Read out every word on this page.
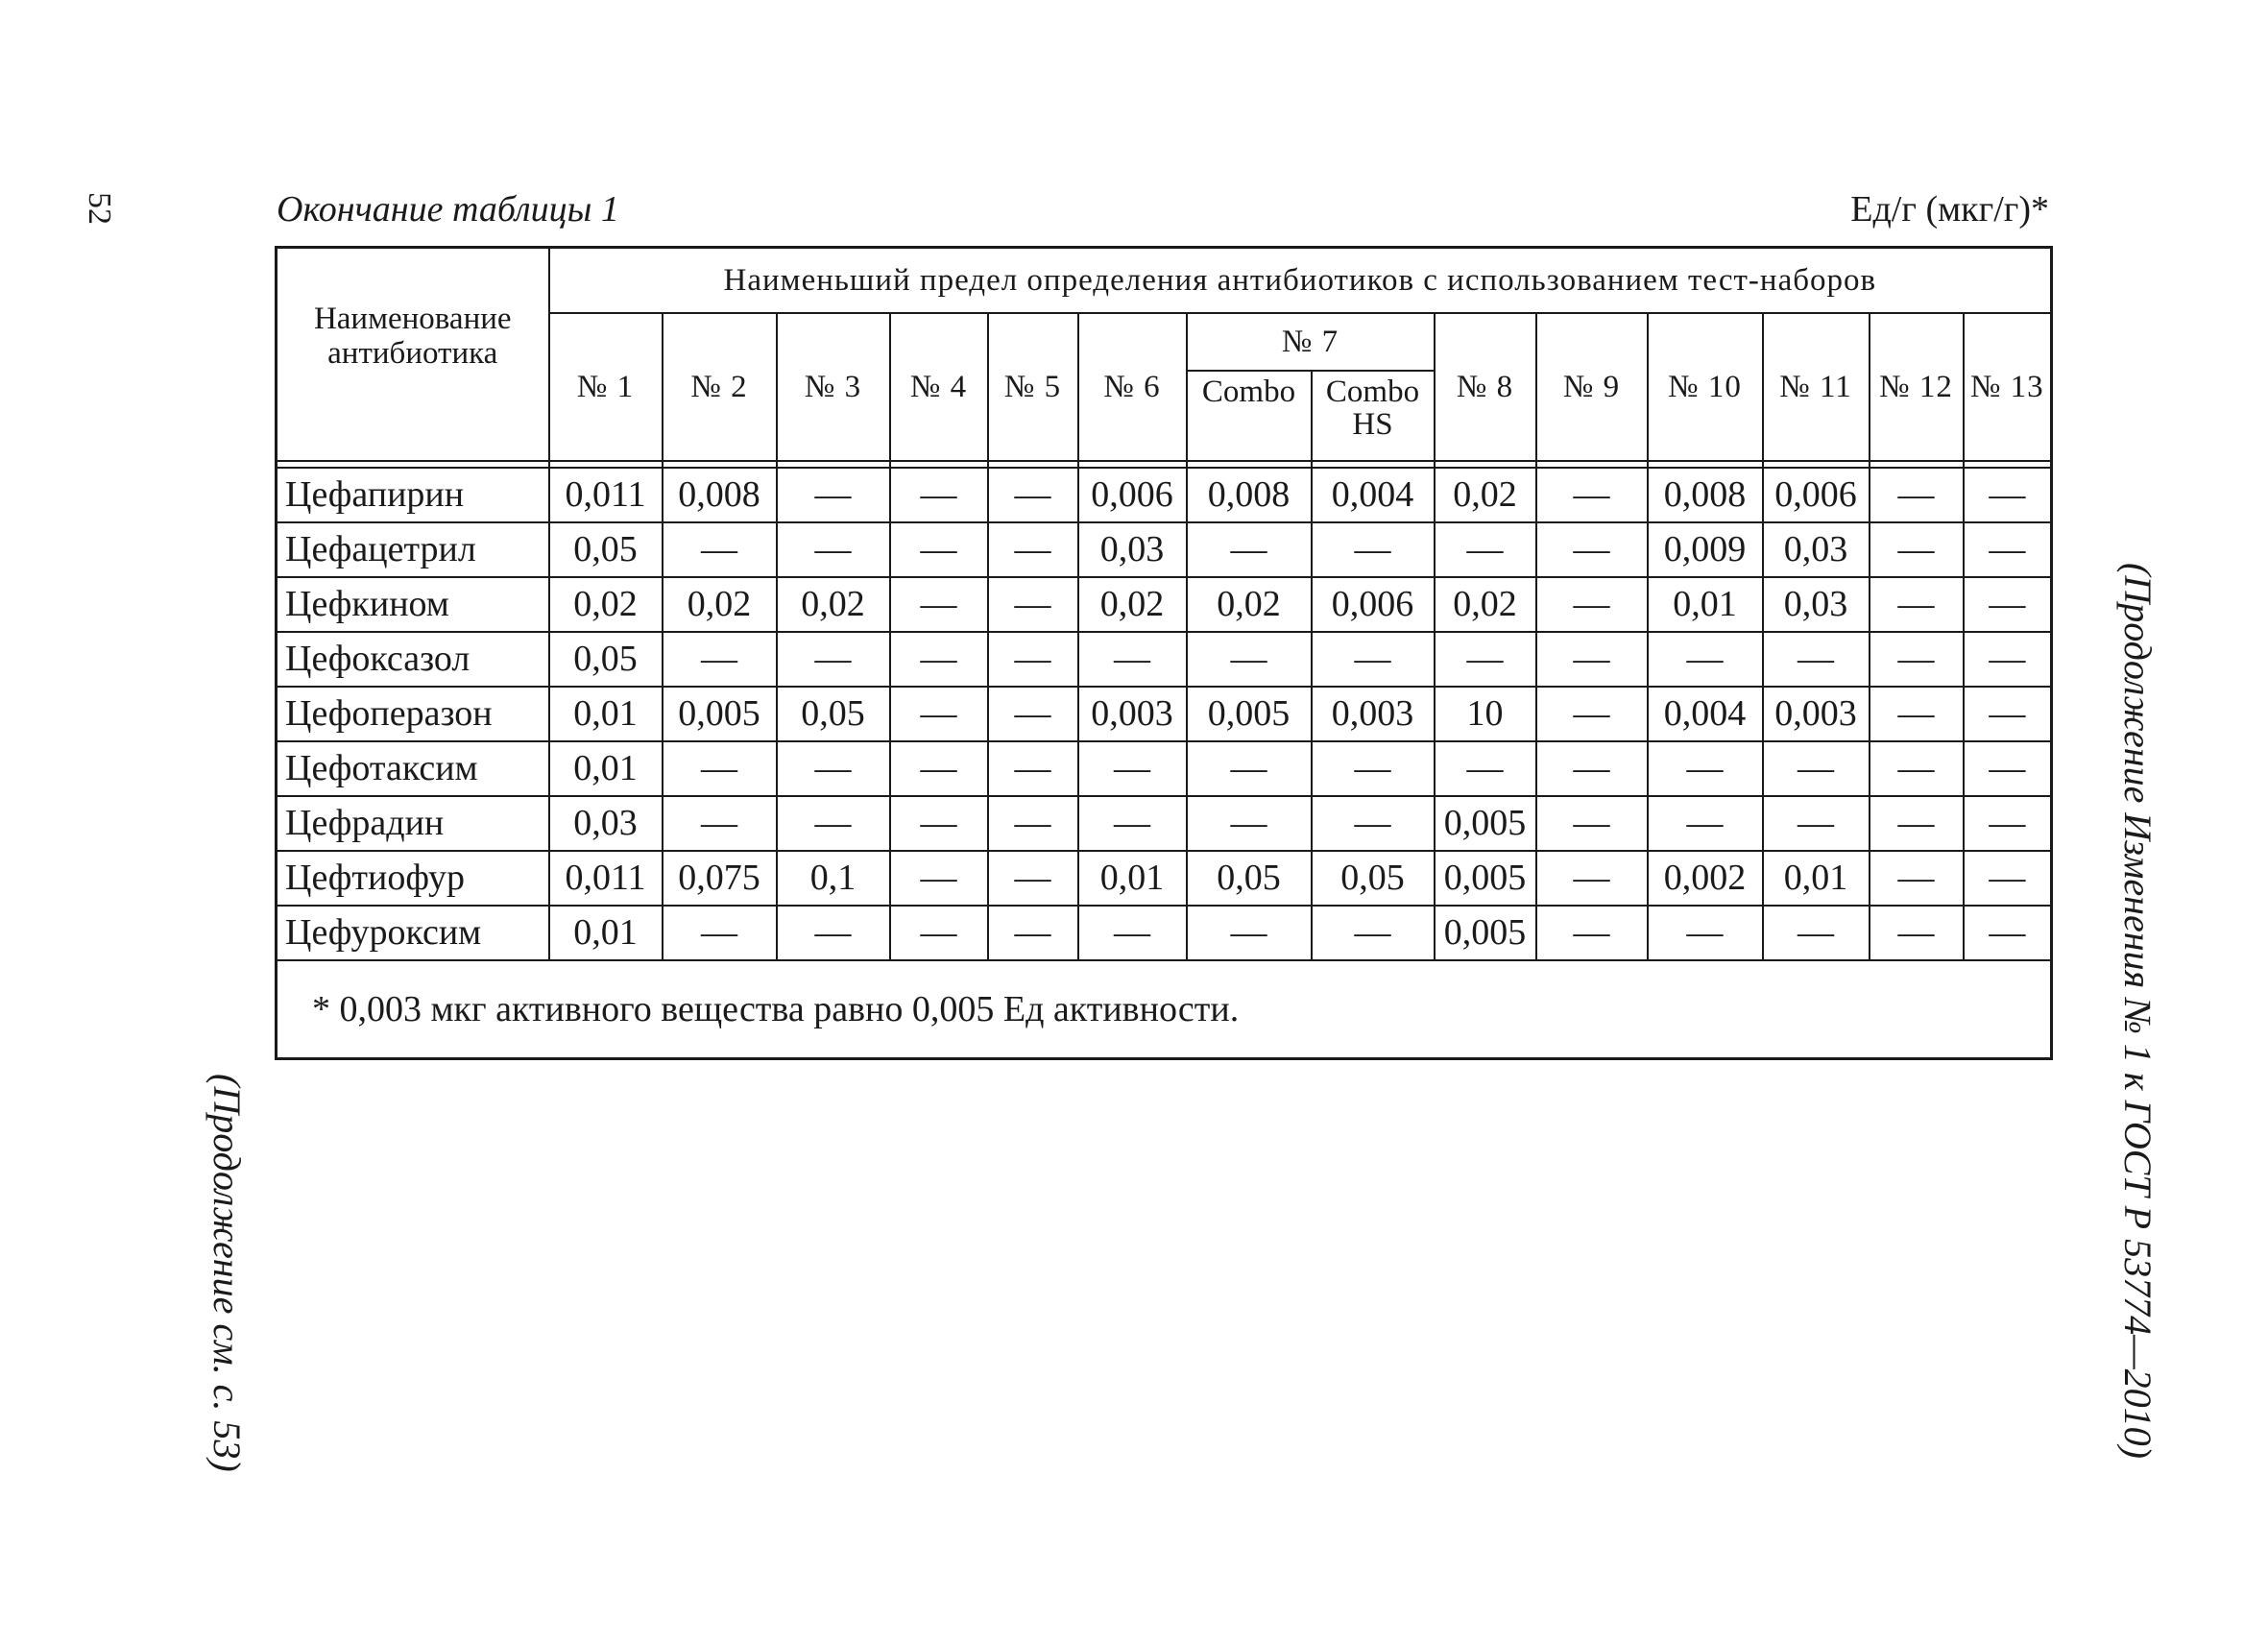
52	Окончание таблицы 1	Ед/г (мкг/г)*
(Продолжение Изменения № 1 к ГОСТ Р 53774—2010)
(Продолжение см. с. 53)
Наименование антибиотика	Наименьший предел определения антибиотиков с использованием тест-наборов													
	№ 1	№ 2	№ 3	№ 4	№ 5	№ 6	№ 7		№ 8	№ 9	№ 10	№ 11	№ 12	№ 13
							Combo	Combo HS						

Цефапирин	0,011	0,008	—	—	—	0,006	0,008	0,004	0,02	—	0,008	0,006	—	—
Цефацетрил	0,05	—	—	—	—	0,03	—	—	—	—	0,009	0,03	—	—
Цефкином	0,02	0,02	0,02	—	—	0,02	0,02	0,006	0,02	—	0,01	0,03	—	—
Цефоксазол	0,05	—	—	—	—	—	—	—	—	—	—	—	—	—
Цефоперазон	0,01	0,005	0,05	—	—	0,003	0,005	0,003	10	—	0,004	0,003	—	—
Цефотаксим	0,01	—	—	—	—	—	—	—	—	—	—	—	—	—
Цефрадин	0,03	—	—	—	—	—	—	—	0,005	—	—	—	—	—
Цефтиофур	0,011	0,075	0,1	—	—	0,01	0,05	0,05	0,005	—	0,002	0,01	—	—
Цефуроксим	0,01	—	—	—	—	—	—	—	0,005	—	—	—	—	—
* 0,003 мкг активного вещества равно 0,005 Ед активности.														
